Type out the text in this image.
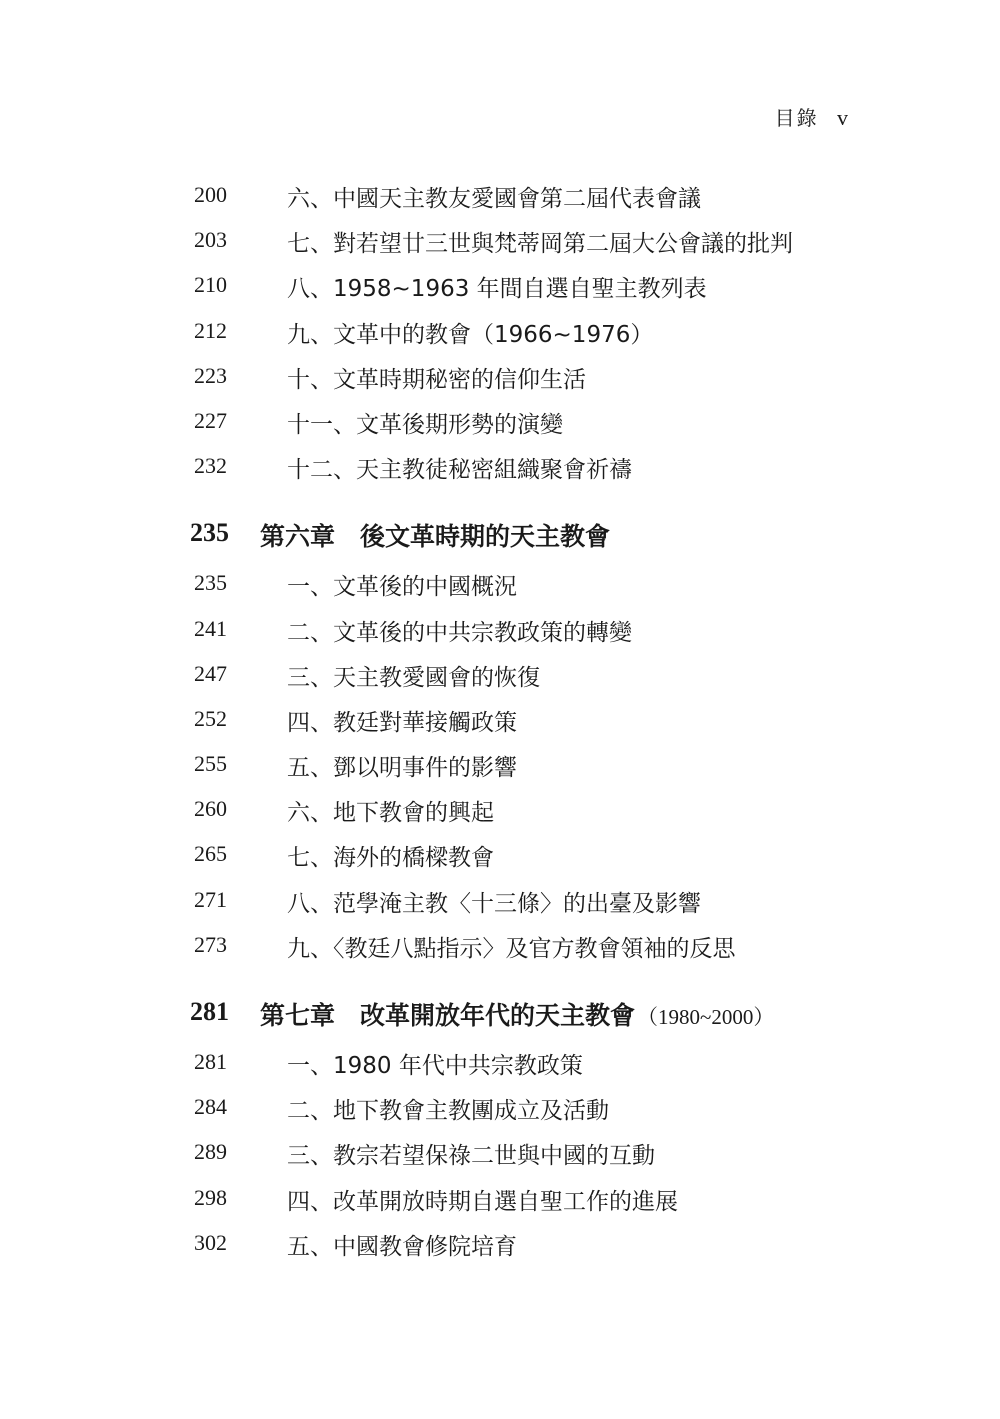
目錄 v
200	六、中國天主教友愛國會第二屆代表會議
203	七、對若望廿三世與梵蒂岡第二屆大公會議的批判
210	八、1958~1963 年間自選自聖主教列表
212	九、文革中的教會（1966~1976）
223	十、文革時期秘密的信仰生活
227	十一、文革後期形勢的演變
232	十二、天主教徒秘密組織聚會祈禱
235 第六章　後文革時期的天主教會
235	一、文革後的中國概況
241	二、文革後的中共宗教政策的轉變
247	三、天主教愛國會的恢復
252	四、教廷對華接觸政策
255	五、鄧以明事件的影響
260	六、地下教會的興起
265	七、海外的橋樑教會
271	八、范學淹主教〈十三條〉的出臺及影響
273	九、〈教廷八點指示〉及官方教會領袖的反思
281 第七章　改革開放年代的天主教會（1980~2000）
281	一、1980 年代中共宗教政策
284	二、地下教會主教團成立及活動
289	三、教宗若望保祿二世與中國的互動
298	四、改革開放時期自選自聖工作的進展
302	五、中國教會修院培育
